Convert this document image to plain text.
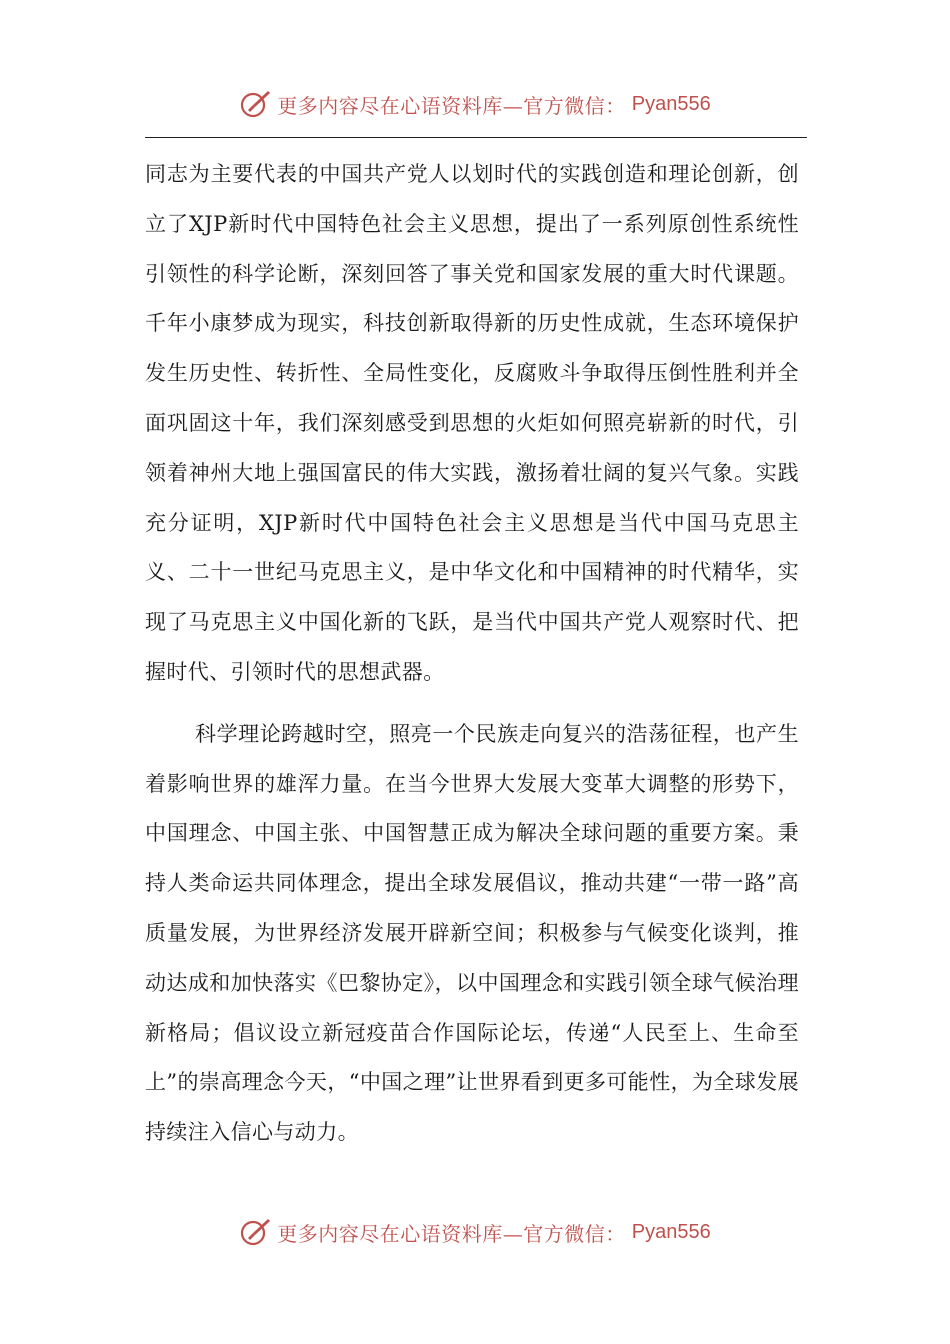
更多内容尽在心语资料库—官方微信： Pyan556

同志为主要代表的中国共产党人以划时代的实践创造和理论创新，创立了XJP新时代中国特色社会主义思想，提出了一系列原创性系统性引领性的科学论断，深刻回答了事关党和国家发展的重大时代课题。千年小康梦成为现实，科技创新取得新的历史性成就，生态环境保护发生历史性、转折性、全局性变化，反腐败斗争取得压倒性胜利并全面巩固这十年，我们深刻感受到思想的火炬如何照亮崭新的时代，引领着神州大地上强国富民的伟大实践，激扬着壮阔的复兴气象。实践充分证明，XJP新时代中国特色社会主义思想是当代中国马克思主义、二十一世纪马克思主义，是中华文化和中国精神的时代精华，实现了马克思主义中国化新的飞跃，是当代中国共产党人观察时代、把握时代、引领时代的思想武器。

科学理论跨越时空，照亮一个民族走向复兴的浩荡征程，也产生着影响世界的雄浑力量。在当今世界大发展大变革大调整的形势下，中国理念、中国主张、中国智慧正成为解决全球问题的重要方案。秉持人类命运共同体理念，提出全球发展倡议，推动共建“一带一路”高质量发展，为世界经济发展开辟新空间；积极参与气候变化谈判，推动达成和加快落实《巴黎协定》，以中国理念和实践引领全球气候治理新格局；倡议设立新冠疫苗合作国际论坛，传递“人民至上、生命至上”的崇高理念今天，“中国之理”让世界看到更多可能性，为全球发展持续注入信心与动力。

更多内容尽在心语资料库—官方微信： Pyan556
